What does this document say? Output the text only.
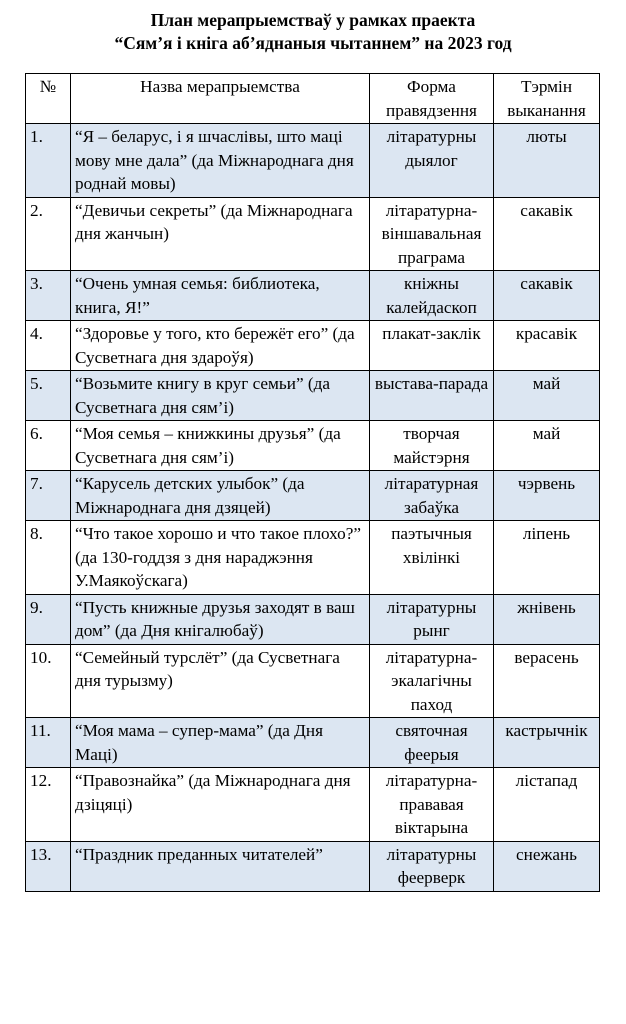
План мерапрыемстваў у рамках праекта
“Сям’я і кніга аб’яднаныя чытаннем” на 2023 год
№	Назва мерапрыемства	Форма правядзення	Тэрмін выканання
1.	“Я – беларус, і я шчаслівы, што маці мову мне дала” (да Міжнароднага дня роднай мовы)	літаратурны дыялог	люты
2.	“Девичьи секреты” (да Міжнароднага дня жанчын)	літаратурна-віншавальная праграма	сакавік
3.	“Очень умная семья: библиотека, книга, Я!”	кніжны калейдаскоп	сакавік
4.	“Здоровье у того, кто бережёт его” (да Сусветнага дня здароўя)	плакат-заклік	красавік
5.	“Возьмите книгу в круг семьи” (да Сусветнага дня сям’і)	выстава-парада	май
6.	“Моя семья – книжкины друзья” (да Сусветнага дня сям’і)	творчая майстэрня	май
7.	“Карусель детских улыбок” (да Міжнароднага дня дзяцей)	літаратурная забаўка	чэрвень
8.	“Что такое хорошо и что такое плохо?” (да 130-годдзя з дня нараджэння У.Маякоўскага)	паэтычныя хвілінкі	ліпень
9.	“Пусть книжные друзья заходят в ваш дом” (да Дня кнігалюбаў)	літаратурны рынг	жнівень
10.	“Семейный турслёт” (да Сусветнага дня турызму)	літаратурна-экалагічны паход	верасень
11.	“Моя мама – супер-мама” (да Дня Маці)	святочная феерыя	кастрычнік
12.	“Правознайка” (да Міжнароднага дня дзіцяці)	літаратурна-прававая віктарына	лістапад
13.	“Праздник преданных читателей”	літаратурны феерверк	снежань
